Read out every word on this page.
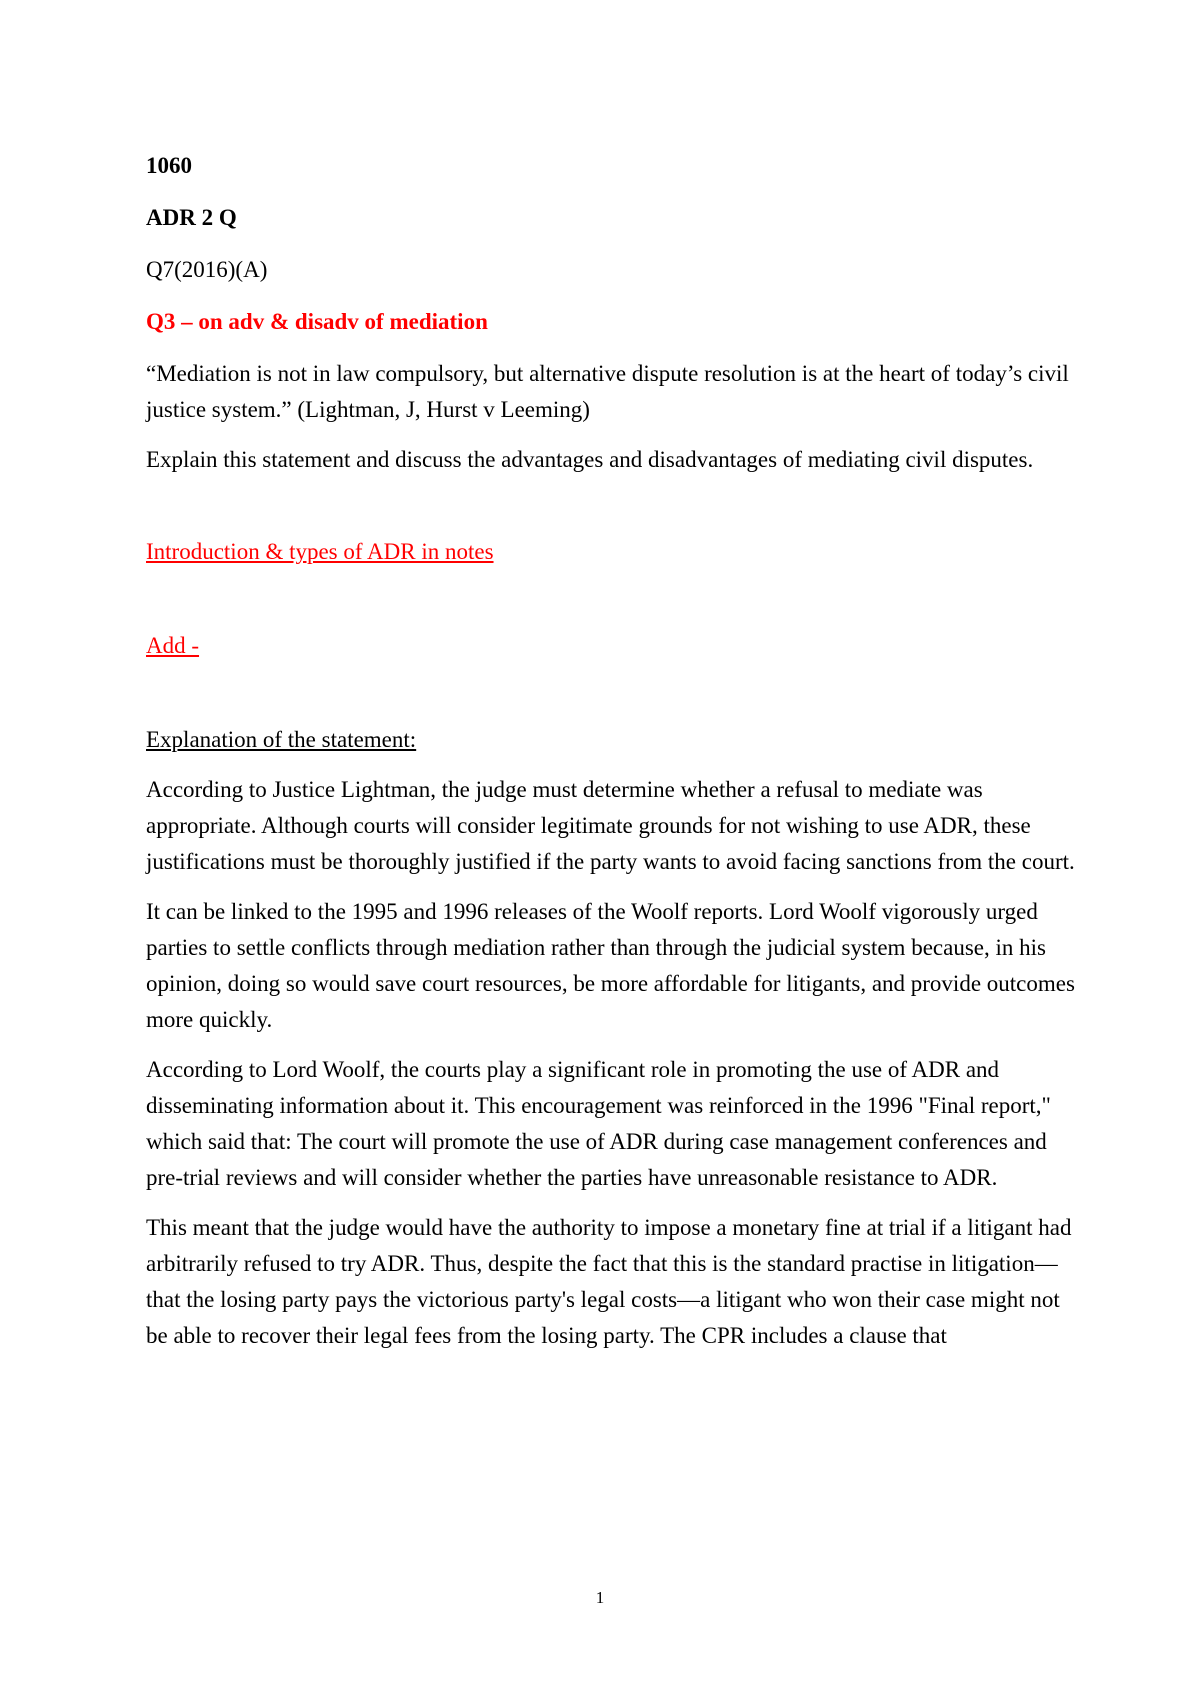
1060

ADR 2 Q

Q7(2016)(A)

Q3 – on adv & disadv of mediation

“Mediation is not in law compulsory, but alternative dispute resolution is at the heart of today’s civil justice system.” (Lightman, J, Hurst v Leeming)

Explain this statement and discuss the advantages and disadvantages of mediating civil disputes.

Introduction & types of ADR in notes

Add -

Explanation of the statement:

According to Justice Lightman, the judge must determine whether a refusal to mediate was appropriate. Although courts will consider legitimate grounds for not wishing to use ADR, these justifications must be thoroughly justified if the party wants to avoid facing sanctions from the court.

It can be linked to the 1995 and 1996 releases of the Woolf reports. Lord Woolf vigorously urged parties to settle conflicts through mediation rather than through the judicial system because, in his opinion, doing so would save court resources, be more affordable for litigants, and provide outcomes more quickly.

According to Lord Woolf, the courts play a significant role in promoting the use of ADR and disseminating information about it. This encouragement was reinforced in the 1996 "Final report," which said that: The court will promote the use of ADR during case management conferences and pre-trial reviews and will consider whether the parties have unreasonable resistance to ADR.

This meant that the judge would have the authority to impose a monetary fine at trial if a litigant had arbitrarily refused to try ADR. Thus, despite the fact that this is the standard practise in litigation—that the losing party pays the victorious party's legal costs—a litigant who won their case might not be able to recover their legal fees from the losing party. The CPR includes a clause that

1
